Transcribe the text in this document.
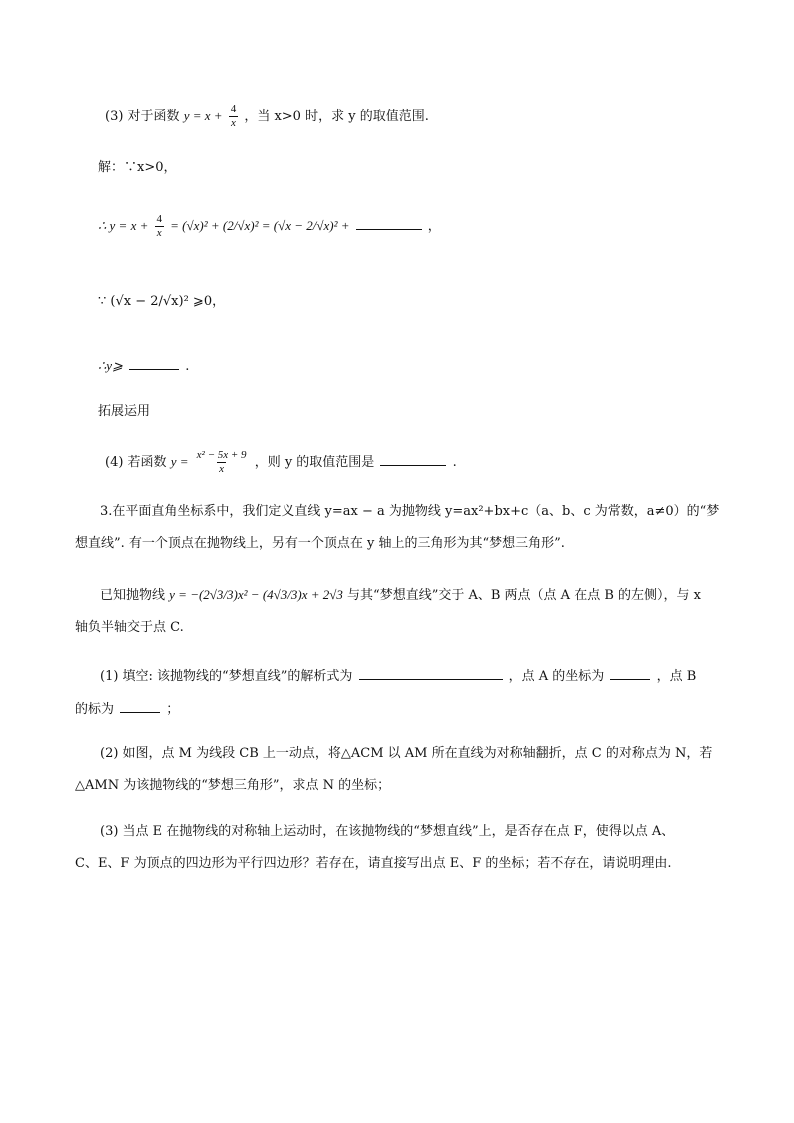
(3) 对于函数 $y = x + \frac{4}{x}$ ，当 x>0 时，求 y 的取值范围.
解：∵x>0，
∴ $y = x + \frac{4}{x} = (√x)^2 + (2/√x)^2 = (√x - 2/√x)^2$ +	，
∵ (√x − 2/√x)² ⩾0，
∴y⩾	.
拓展运用
(4) 若函数 $y = \frac{\text{x² − 5x + 9}}{x}$ ，则 y 的取值范围是	.
3.在平面直角坐标系中，我们定义直线 y=ax − a 为抛物线 y=ax²+bx+c（a、b、c 为常数，a≠0）的“梦
想直线”. 有一个顶点在抛物线上，另有一个顶点在 y 轴上的三角形为其“梦想三角形”.
已知抛物线 y = −(2√3/3)x² − (4√3/3)x + 2√3 与其“梦想直线”交于 A、B 两点（点 A 在点 B 的左侧），与 x
轴负半轴交于点 C.
(1) 填空: 该抛物线的“梦想直线”的解析式为	，点 A 的坐标为	，点 B
的标为	；
(2) 如图，点 M 为线段 CB 上一动点，将△ACM 以 AM 所在直线为对称轴翻折，点 C 的对称点为 N，若
△AMN 为该抛物线的“梦想三角形”，求点 N 的坐标；
(3) 当点 E 在抛物线的对称轴上运动时，在该抛物线的“梦想直线”上，是否存在点 F，使得以点 A、
C、E、F 为顶点的四边形为平行四边形？若存在，请直接写出点 E、F 的坐标；若不存在，请说明理由.
